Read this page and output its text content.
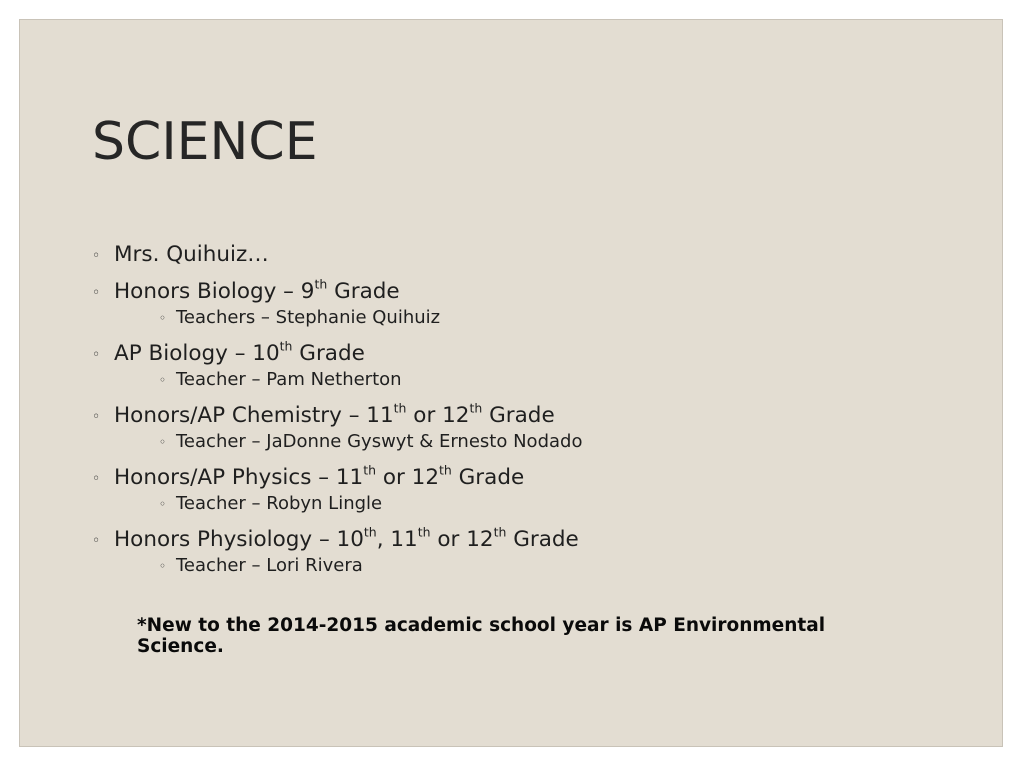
SCIENCE
◦ Mrs. Quihuiz…
◦ Honors Biology – 9th Grade
◦ Teachers – Stephanie Quihuiz
◦ AP Biology – 10th Grade
◦ Teacher – Pam Netherton
◦ Honors/AP Chemistry – 11th or 12th Grade
◦ Teacher – JaDonne Gyswyt & Ernesto Nodado
◦ Honors/AP Physics – 11th or 12th Grade
◦ Teacher – Robyn Lingle
◦ Honors Physiology – 10th, 11th or 12th Grade
◦ Teacher – Lori Rivera

*New to the 2014-2015 academic school year is AP Environmental Science.
